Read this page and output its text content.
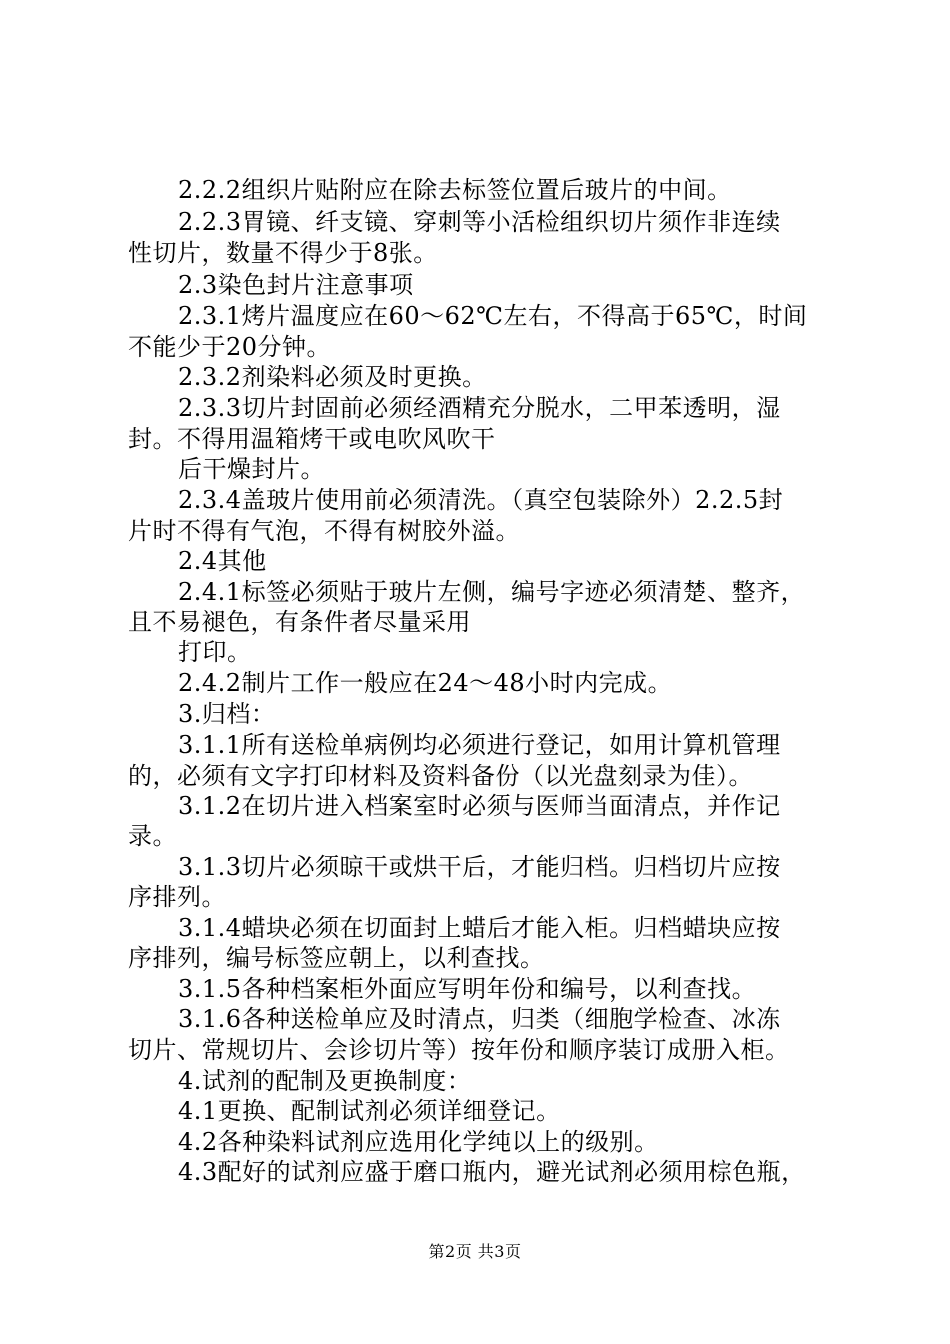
2.2.2组织片贴附应在除去标签位置后玻片的中间。
2.2.3胃镜、纤支镜、穿刺等小活检组织切片须作非连续
性切片，数量不得少于8张。
2.3染色封片注意事项
2.3.1烤片温度应在60～62℃左右，不得高于65℃，时间
不能少于20分钟。
2.3.2剂染料必须及时更换。
2.3.3切片封固前必须经酒精充分脱水，二甲苯透明，湿
封。不得用温箱烤干或电吹风吹干
后干燥封片。
2.3.4盖玻片使用前必须清洗。（真空包装除外）2.2.5封
片时不得有气泡，不得有树胶外溢。
2.4其他
2.4.1标签必须贴于玻片左侧，编号字迹必须清楚、整齐，
且不易褪色，有条件者尽量采用
打印。
2.4.2制片工作一般应在24～48小时内完成。
3.归档：
3.1.1所有送检单病例均必须进行登记，如用计算机管理
的，必须有文字打印材料及资料备份（以光盘刻录为佳）。
3.1.2在切片进入档案室时必须与医师当面清点，并作记
录。
3.1.3切片必须晾干或烘干后，才能归档。归档切片应按
序排列。
3.1.4蜡块必须在切面封上蜡后才能入柜。归档蜡块应按
序排列，编号标签应朝上，以利查找。
3.1.5各种档案柜外面应写明年份和编号，以利查找。
3.1.6各种送检单应及时清点，归类（细胞学检查、冰冻
切片、常规切片、会诊切片等）按年份和顺序装订成册入柜。
4.试剂的配制及更换制度：
4.1更换、配制试剂必须详细登记。
4.2各种染料试剂应选用化学纯以上的级别。
4.3配好的试剂应盛于磨口瓶内，避光试剂必须用棕色瓶，
第2页 共3页
